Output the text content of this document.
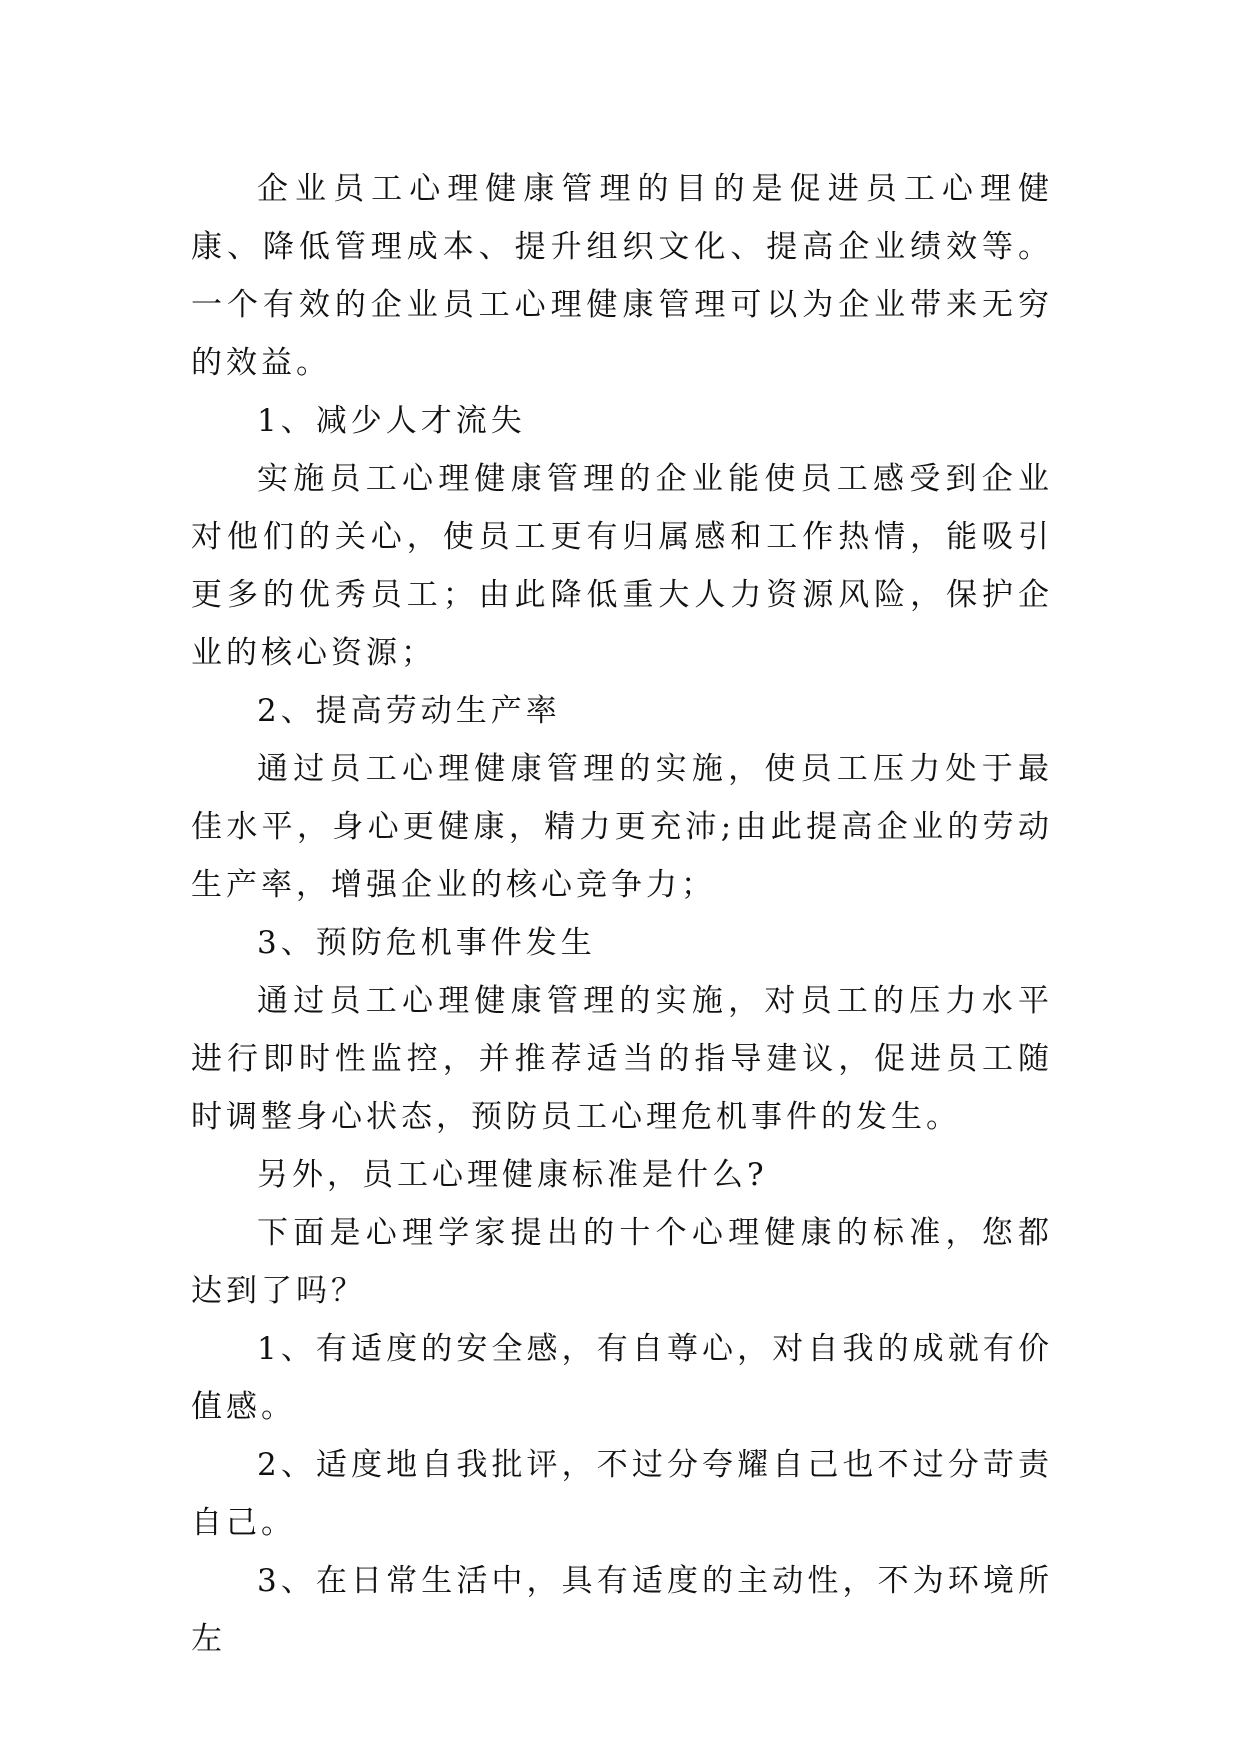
企业员工心理健康管理的目的是促进员工心理健康、降低管理成本、提升组织文化、提高企业绩效等。一个有效的企业员工心理健康管理可以为企业带来无穷的效益。

1、减少人才流失

实施员工心理健康管理的企业能使员工感受到企业对他们的关心，使员工更有归属感和工作热情，能吸引更多的优秀员工；由此降低重大人力资源风险，保护企业的核心资源；

2、提高劳动生产率

通过员工心理健康管理的实施，使员工压力处于最佳水平，身心更健康，精力更充沛;由此提高企业的劳动生产率，增强企业的核心竞争力；

3、预防危机事件发生

通过员工心理健康管理的实施，对员工的压力水平进行即时性监控，并推荐适当的指导建议，促进员工随时调整身心状态，预防员工心理危机事件的发生。

另外，员工心理健康标准是什么?

下面是心理学家提出的十个心理健康的标准，您都达到了吗？

1、有适度的安全感，有自尊心，对自我的成就有价值感。

2、适度地自我批评，不过分夸耀自己也不过分苛责自己。

3、在日常生活中，具有适度的主动性，不为环境所左
